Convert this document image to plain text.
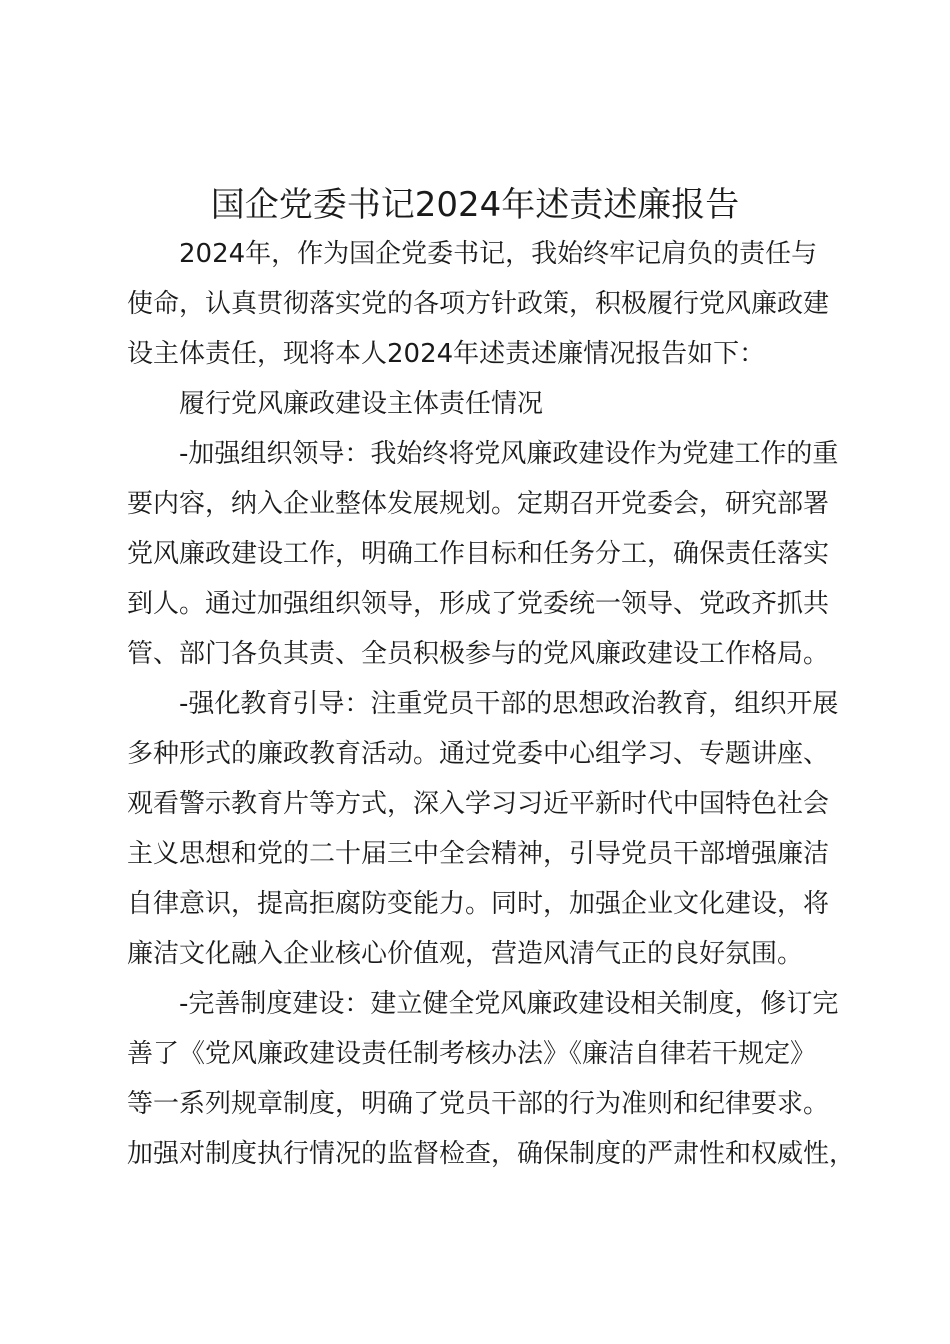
国企党委书记2024年述责述廉报告
2024年，作为国企党委书记，我始终牢记肩负的责任与
使命，认真贯彻落实党的各项方针政策，积极履行党风廉政建
设主体责任，现将本人2024年述责述廉情况报告如下：
履行党风廉政建设主体责任情况
-加强组织领导：我始终将党风廉政建设作为党建工作的重
要内容，纳入企业整体发展规划。定期召开党委会，研究部署
党风廉政建设工作，明确工作目标和任务分工，确保责任落实
到人。通过加强组织领导，形成了党委统一领导、党政齐抓共
管、部门各负其责、全员积极参与的党风廉政建设工作格局。
-强化教育引导：注重党员干部的思想政治教育，组织开展
多种形式的廉政教育活动。通过党委中心组学习、专题讲座、
观看警示教育片等方式，深入学习习近平新时代中国特色社会
主义思想和党的二十届三中全会精神，引导党员干部增强廉洁
自律意识，提高拒腐防变能力。同时，加强企业文化建设，将
廉洁文化融入企业核心价值观，营造风清气正的良好氛围。
-完善制度建设：建立健全党风廉政建设相关制度，修订完
善了《党风廉政建设责任制考核办法》《廉洁自律若干规定》
等一系列规章制度，明确了党员干部的行为准则和纪律要求。
加强对制度执行情况的监督检查，确保制度的严肃性和权威性，
